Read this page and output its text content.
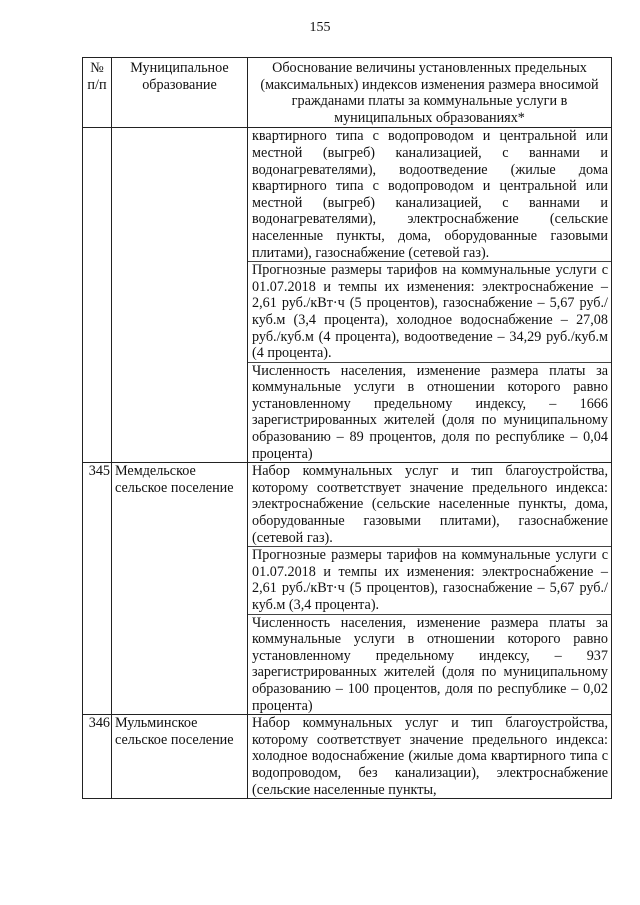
155
№ п/п	Муниципальное образование	Обоснование величины установленных предельных (максимальных) индексов изменения размера вносимой гражданами платы за коммунальные услуги в муниципальных образованиях*

		квартирного типа с водопроводом и центральной или местной (выгреб) канализацией, с ваннами и водонагревателями), водоотведение (жилые дома квартирного типа с водопроводом и центральной или местной (выгреб) канализацией, с ваннами и водонагревателями), электроснабжение (сельские населенные пункты, дома, оборудованные газовыми плитами), газоснабжение (сетевой газ).
Прогнозные размеры тарифов на коммунальные услуги с 01.07.2018 и темпы их изменения: электроснабжение – 2,61 руб./кВт·ч (5 процентов), газоснабжение – 5,67 руб./куб.м (3,4 процента), холодное водоснабжение – 27,08 руб./куб.м (4 процента), водоотведение – 34,29 руб./куб.м (4 процента).
Численность населения, изменение размера платы за коммунальные услуги в отношении которого равно установленному предельному индексу, – 1666 зарегистрированных жителей (доля по муниципальному образованию – 89 процентов, доля по республике – 0,04 процента)

345	Мемдельское сельское поселение	Набор коммунальных услуг и тип благоустройства, которому соответствует значение предельного индекса: электроснабжение (сельские населенные пункты, дома, оборудованные газовыми плитами), газоснабжение (сетевой газ).
Прогнозные размеры тарифов на коммунальные услуги с 01.07.2018 и темпы их изменения: электроснабжение – 2,61 руб./кВт·ч (5 процентов), газоснабжение – 5,67 руб./куб.м (3,4 процента).
Численность населения, изменение размера платы за коммунальные услуги в отношении которого равно установленному предельному индексу, – 937 зарегистрированных жителей (доля по муниципальному образованию – 100 процентов, доля по республике – 0,02 процента)

346	Мульминское сельское поселение	Набор коммунальных услуг и тип благоустройства, которому соответствует значение предельного индекса: холодное водоснабжение (жилые дома квартирного типа с водопроводом, без канализации), электроснабжение (сельские населенные пункты,
